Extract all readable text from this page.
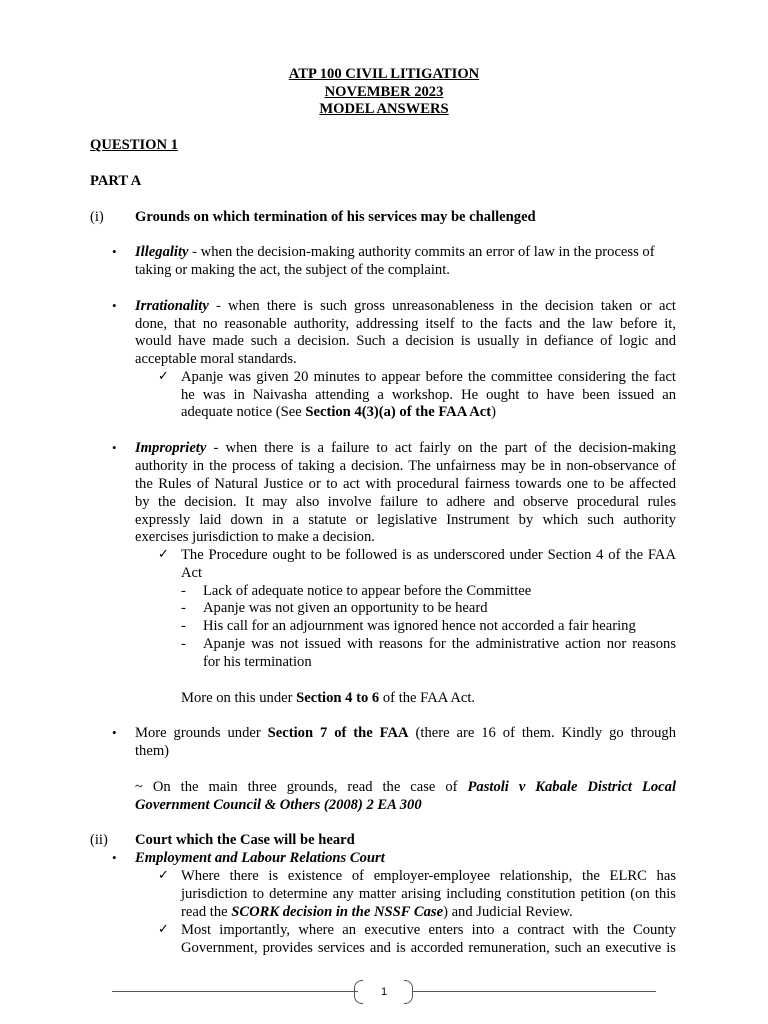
ATP 100 CIVIL LITIGATION
NOVEMBER 2023
MODEL ANSWERS
QUESTION 1
PART A
(i) Grounds on which termination of his services may be challenged
• Illegality - when the decision-making authority commits an error of law in the process of
taking or making the act, the subject of the complaint.
• Irrationality - when there is such gross unreasonableness in the decision taken or act
done, that no reasonable authority, addressing itself to the facts and the law before it,
would have made such a decision. Such a decision is usually in defiance of logic and
acceptable moral standards.
✓ Apanje was given 20 minutes to appear before the committee considering the fact
he was in Naivasha attending a workshop. He ought to have been issued an
adequate notice (See Section 4(3)(a) of the FAA Act)
• Impropriety - when there is a failure to act fairly on the part of the decision-making
authority in the process of taking a decision. The unfairness may be in non-observance of
the Rules of Natural Justice or to act with procedural fairness towards one to be affected
by the decision. It may also involve failure to adhere and observe procedural rules
expressly laid down in a statute or legislative Instrument by which such authority
exercises jurisdiction to make a decision.
✓ The Procedure ought to be followed is as underscored under Section 4 of the FAA
Act
- Lack of adequate notice to appear before the Committee
- Apanje was not given an opportunity to be heard
- His call for an adjournment was ignored hence not accorded a fair hearing
- Apanje was not issued with reasons for the administrative action nor reasons
for his termination
More on this under Section 4 to 6 of the FAA Act.
• More grounds under Section 7 of the FAA (there are 16 of them. Kindly go through
them)
~ On the main three grounds, read the case of Pastoli v Kabale District Local
Government Council & Others (2008) 2 EA 300
(ii) Court which the Case will be heard
• Employment and Labour Relations Court
✓ Where there is existence of employer-employee relationship, the ELRC has
jurisdiction to determine any matter arising including constitution petition (on this
read the SCORK decision in the NSSF Case) and Judicial Review.
✓ Most importantly, where an executive enters into a contract with the County
Government, provides services and is accorded remuneration, such an executive is
1
